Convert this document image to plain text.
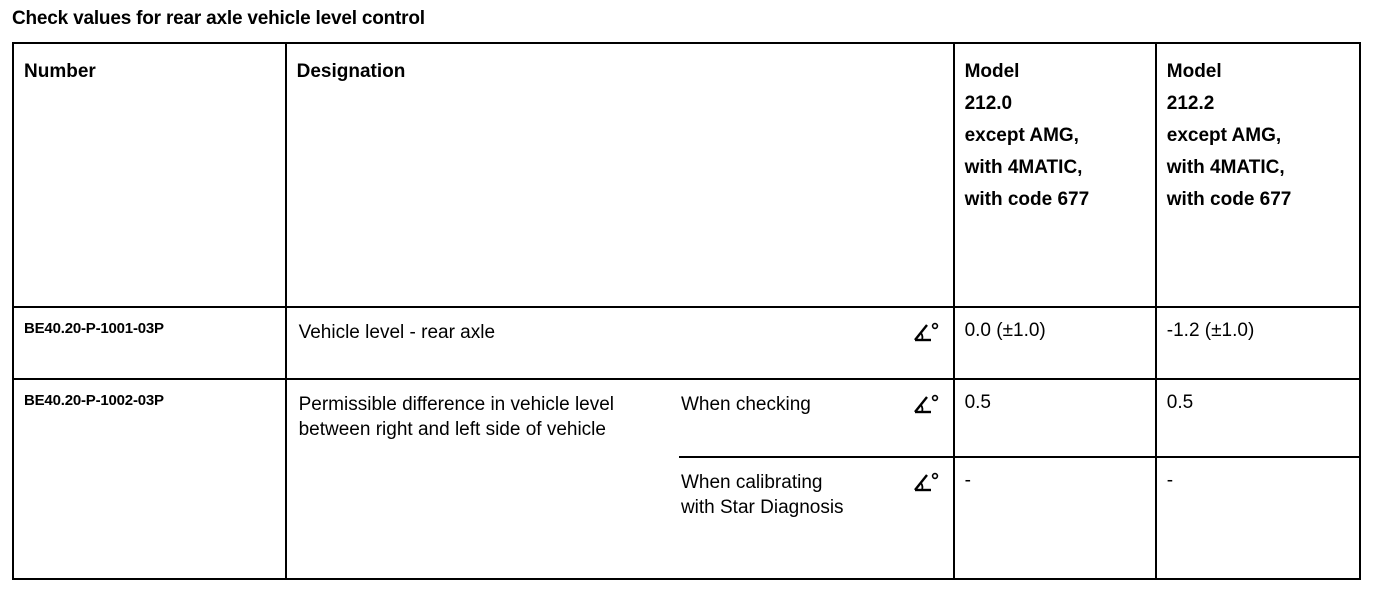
Check values for rear axle vehicle level control
Number	Designation		Model
212.0
except AMG,
with 4MATIC,
with code 677	Model
212.2
except AMG,
with 4MATIC,
with code 677

BE40.20-P-1001-03P	Vehicle level - rear axle		0.0 (±1.0)	-1.2 (±1.0)

BE40.20-P-1002-03P	Permissible difference in vehicle level between right and left side of vehicle	When checking	0.5	0.5

		When calibrating with Star Diagnosis	-	-
